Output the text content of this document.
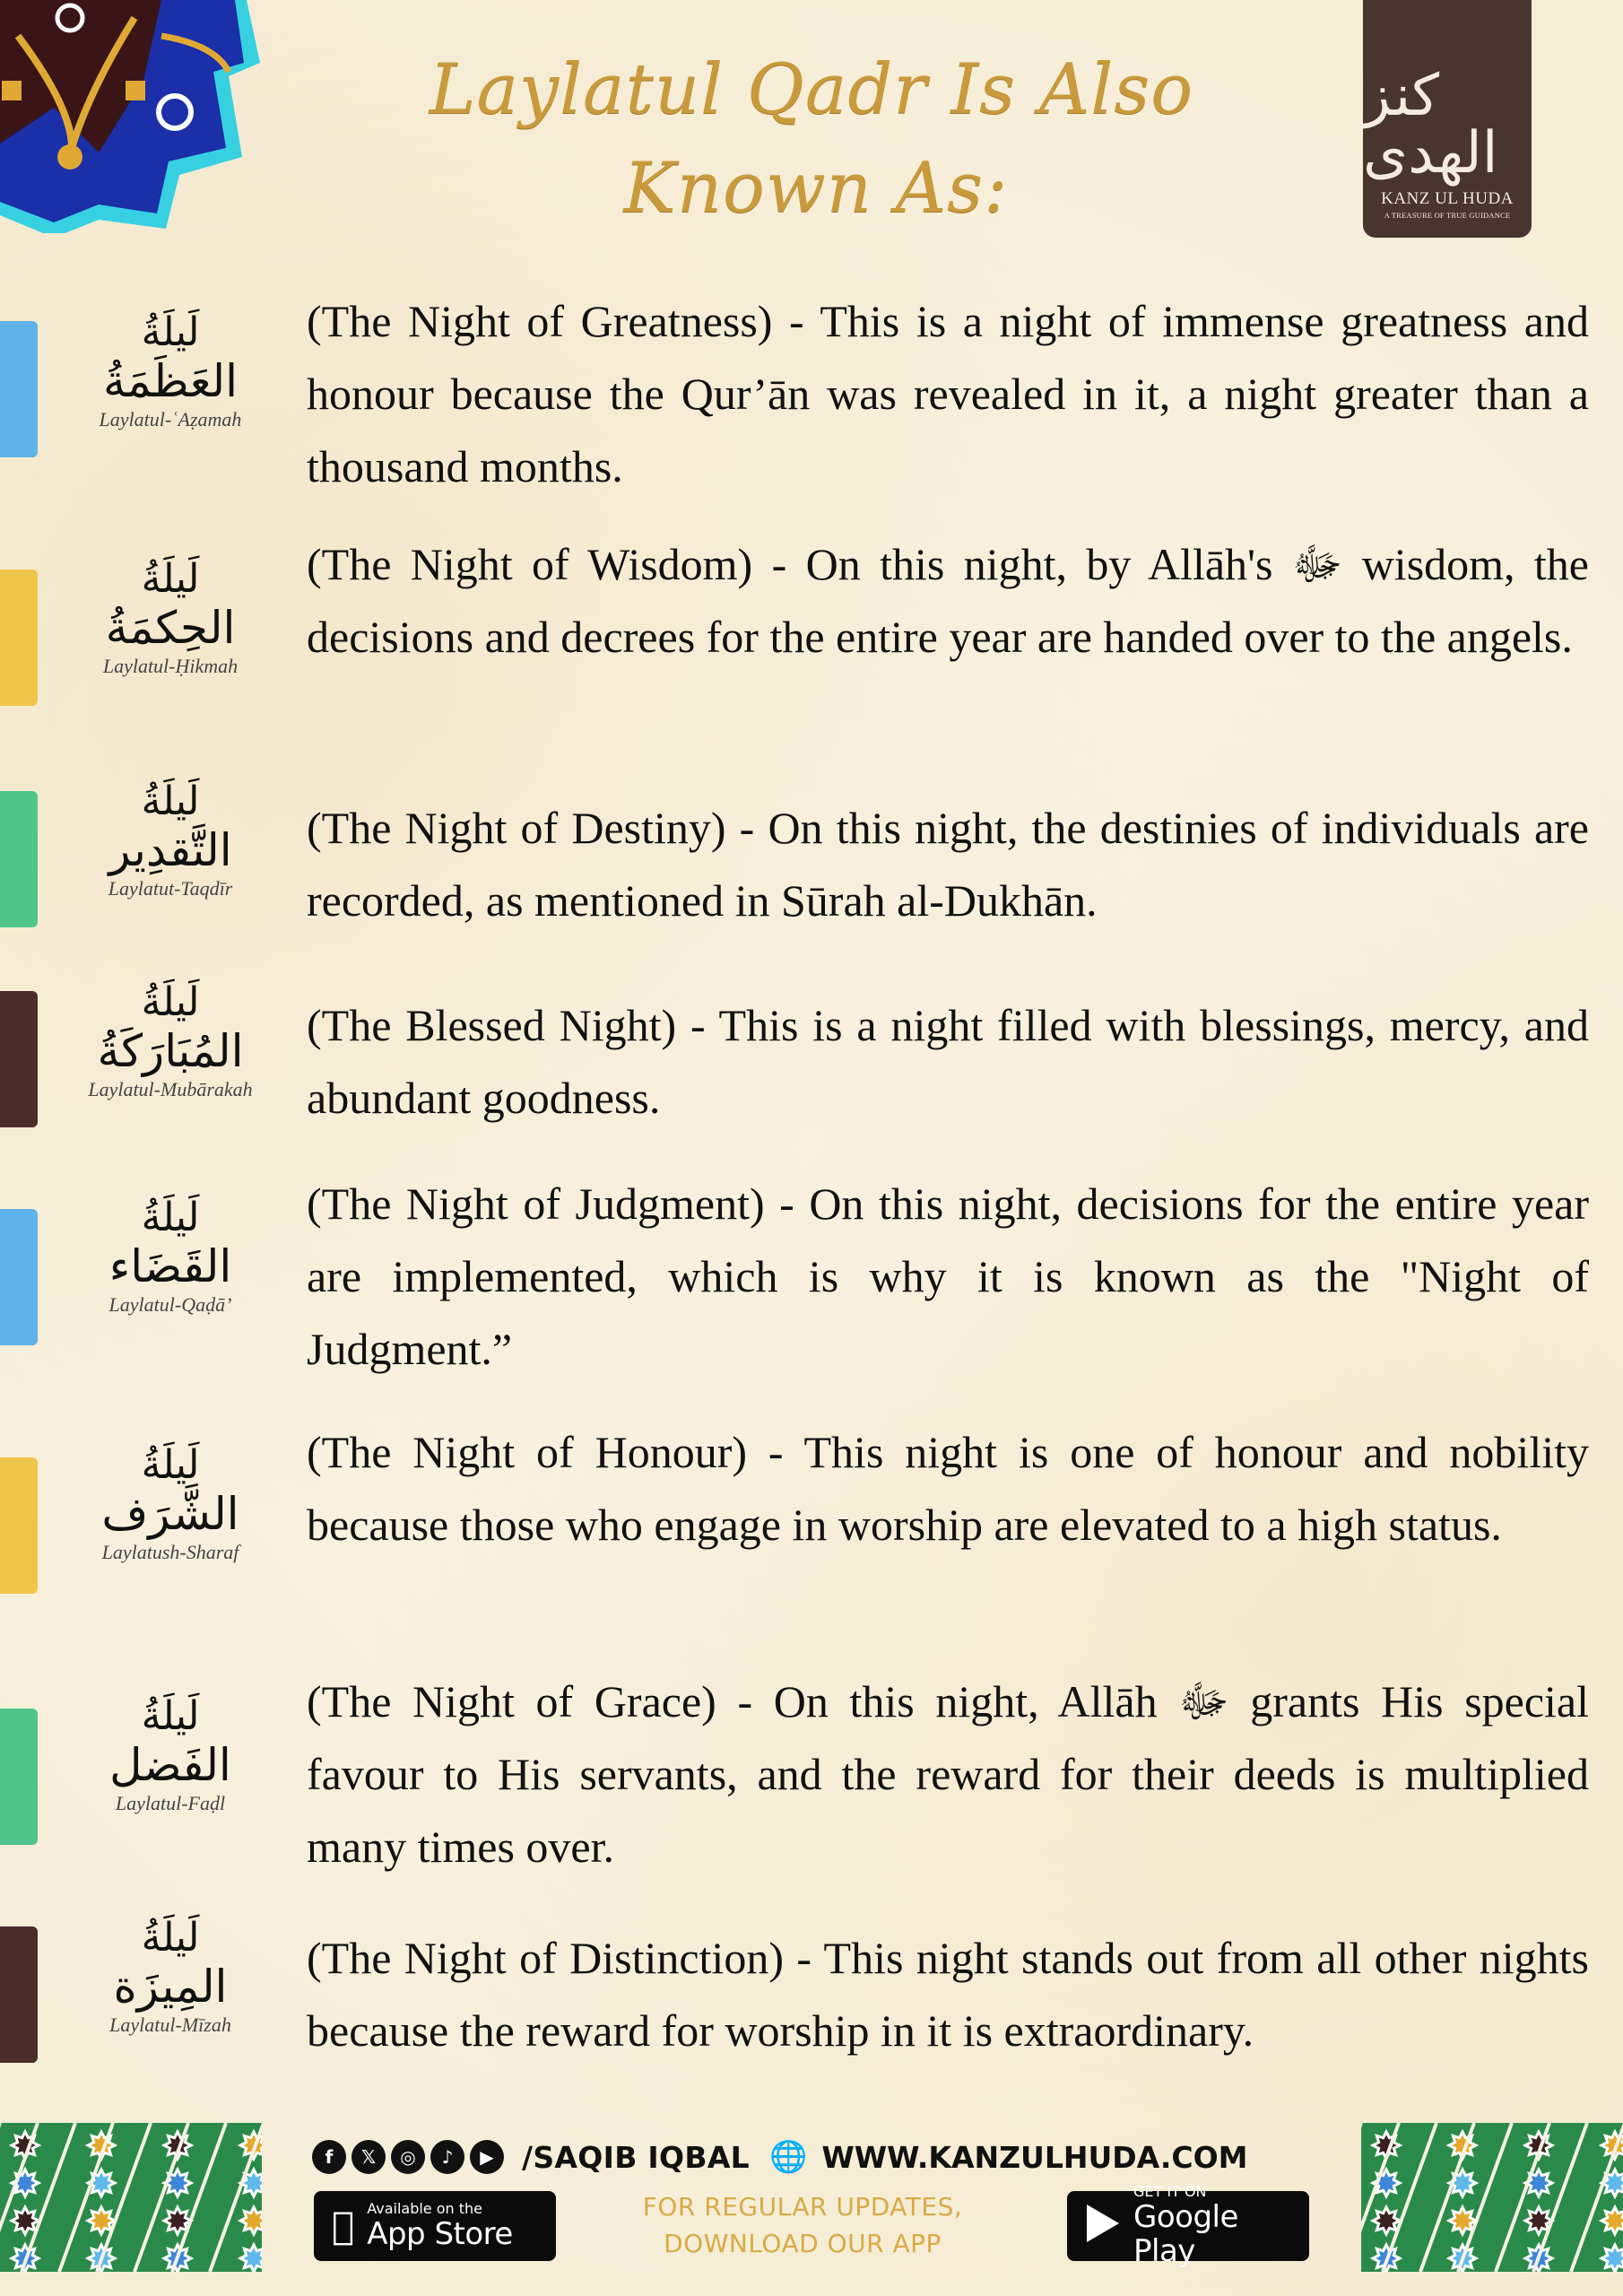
Laylatul Qadr Is Also
Known As:
كنز الهدى
KANZ UL HUDA
A TREASURE OF TRUE GUIDANCE
لَيلَةُ
العَظَمَةُ
Laylatul-ʿAẓamah
(The Night of Greatness) - This is a night of immense greatness and honour because the Qur’ān was revealed in it, a night greater than a thousand months.
لَيلَةُ
الحِكمَةُ
Laylatul-Ḥikmah
(The Night of Wisdom) - On this night, by Allāh's ﷻ wisdom, the decisions and decrees for the entire year are handed over to the angels.
لَيلَةُ
التَّقدِير
Laylatut-Taqdīr
(The Night of Destiny) - On this night, the destinies of individuals are recorded, as mentioned in Sūrah al-Dukhān.
لَيلَةُ
المُبَارَكَةُ
Laylatul-Mubārakah
(The Blessed Night) - This is a night filled with blessings, mercy, and abundant goodness.
لَيلَةُ
القَضَاء
Laylatul-Qaḍā’
(The Night of Judgment) - On this night, decisions for the entire year are implemented, which is why it is known as the "Night of Judgment.”
لَيلَةُ
الشَّرَف
Laylatush-Sharaf
(The Night of Honour) - This night is one of honour and nobility because those who engage in worship are elevated to a high status.
لَيلَةُ
الفَضل
Laylatul-Faḍl
(The Night of Grace) - On this night, Allāh ﷻ grants His special favour to His servants, and the reward for their deeds is multiplied many times over.
لَيلَةُ
المِيزَة
Laylatul-Mīzah
(The Night of Distinction) - This night stands out from all other nights because the reward for worship in it is extraordinary.
f	𝕏	◎	♪	▶ /SAQIB IQBAL 🌐 WWW.KANZULHUDA.COM
Available on the
App Store
FOR REGULAR UPDATES,
DOWNLOAD OUR APP
GET IT ON
Google Play
